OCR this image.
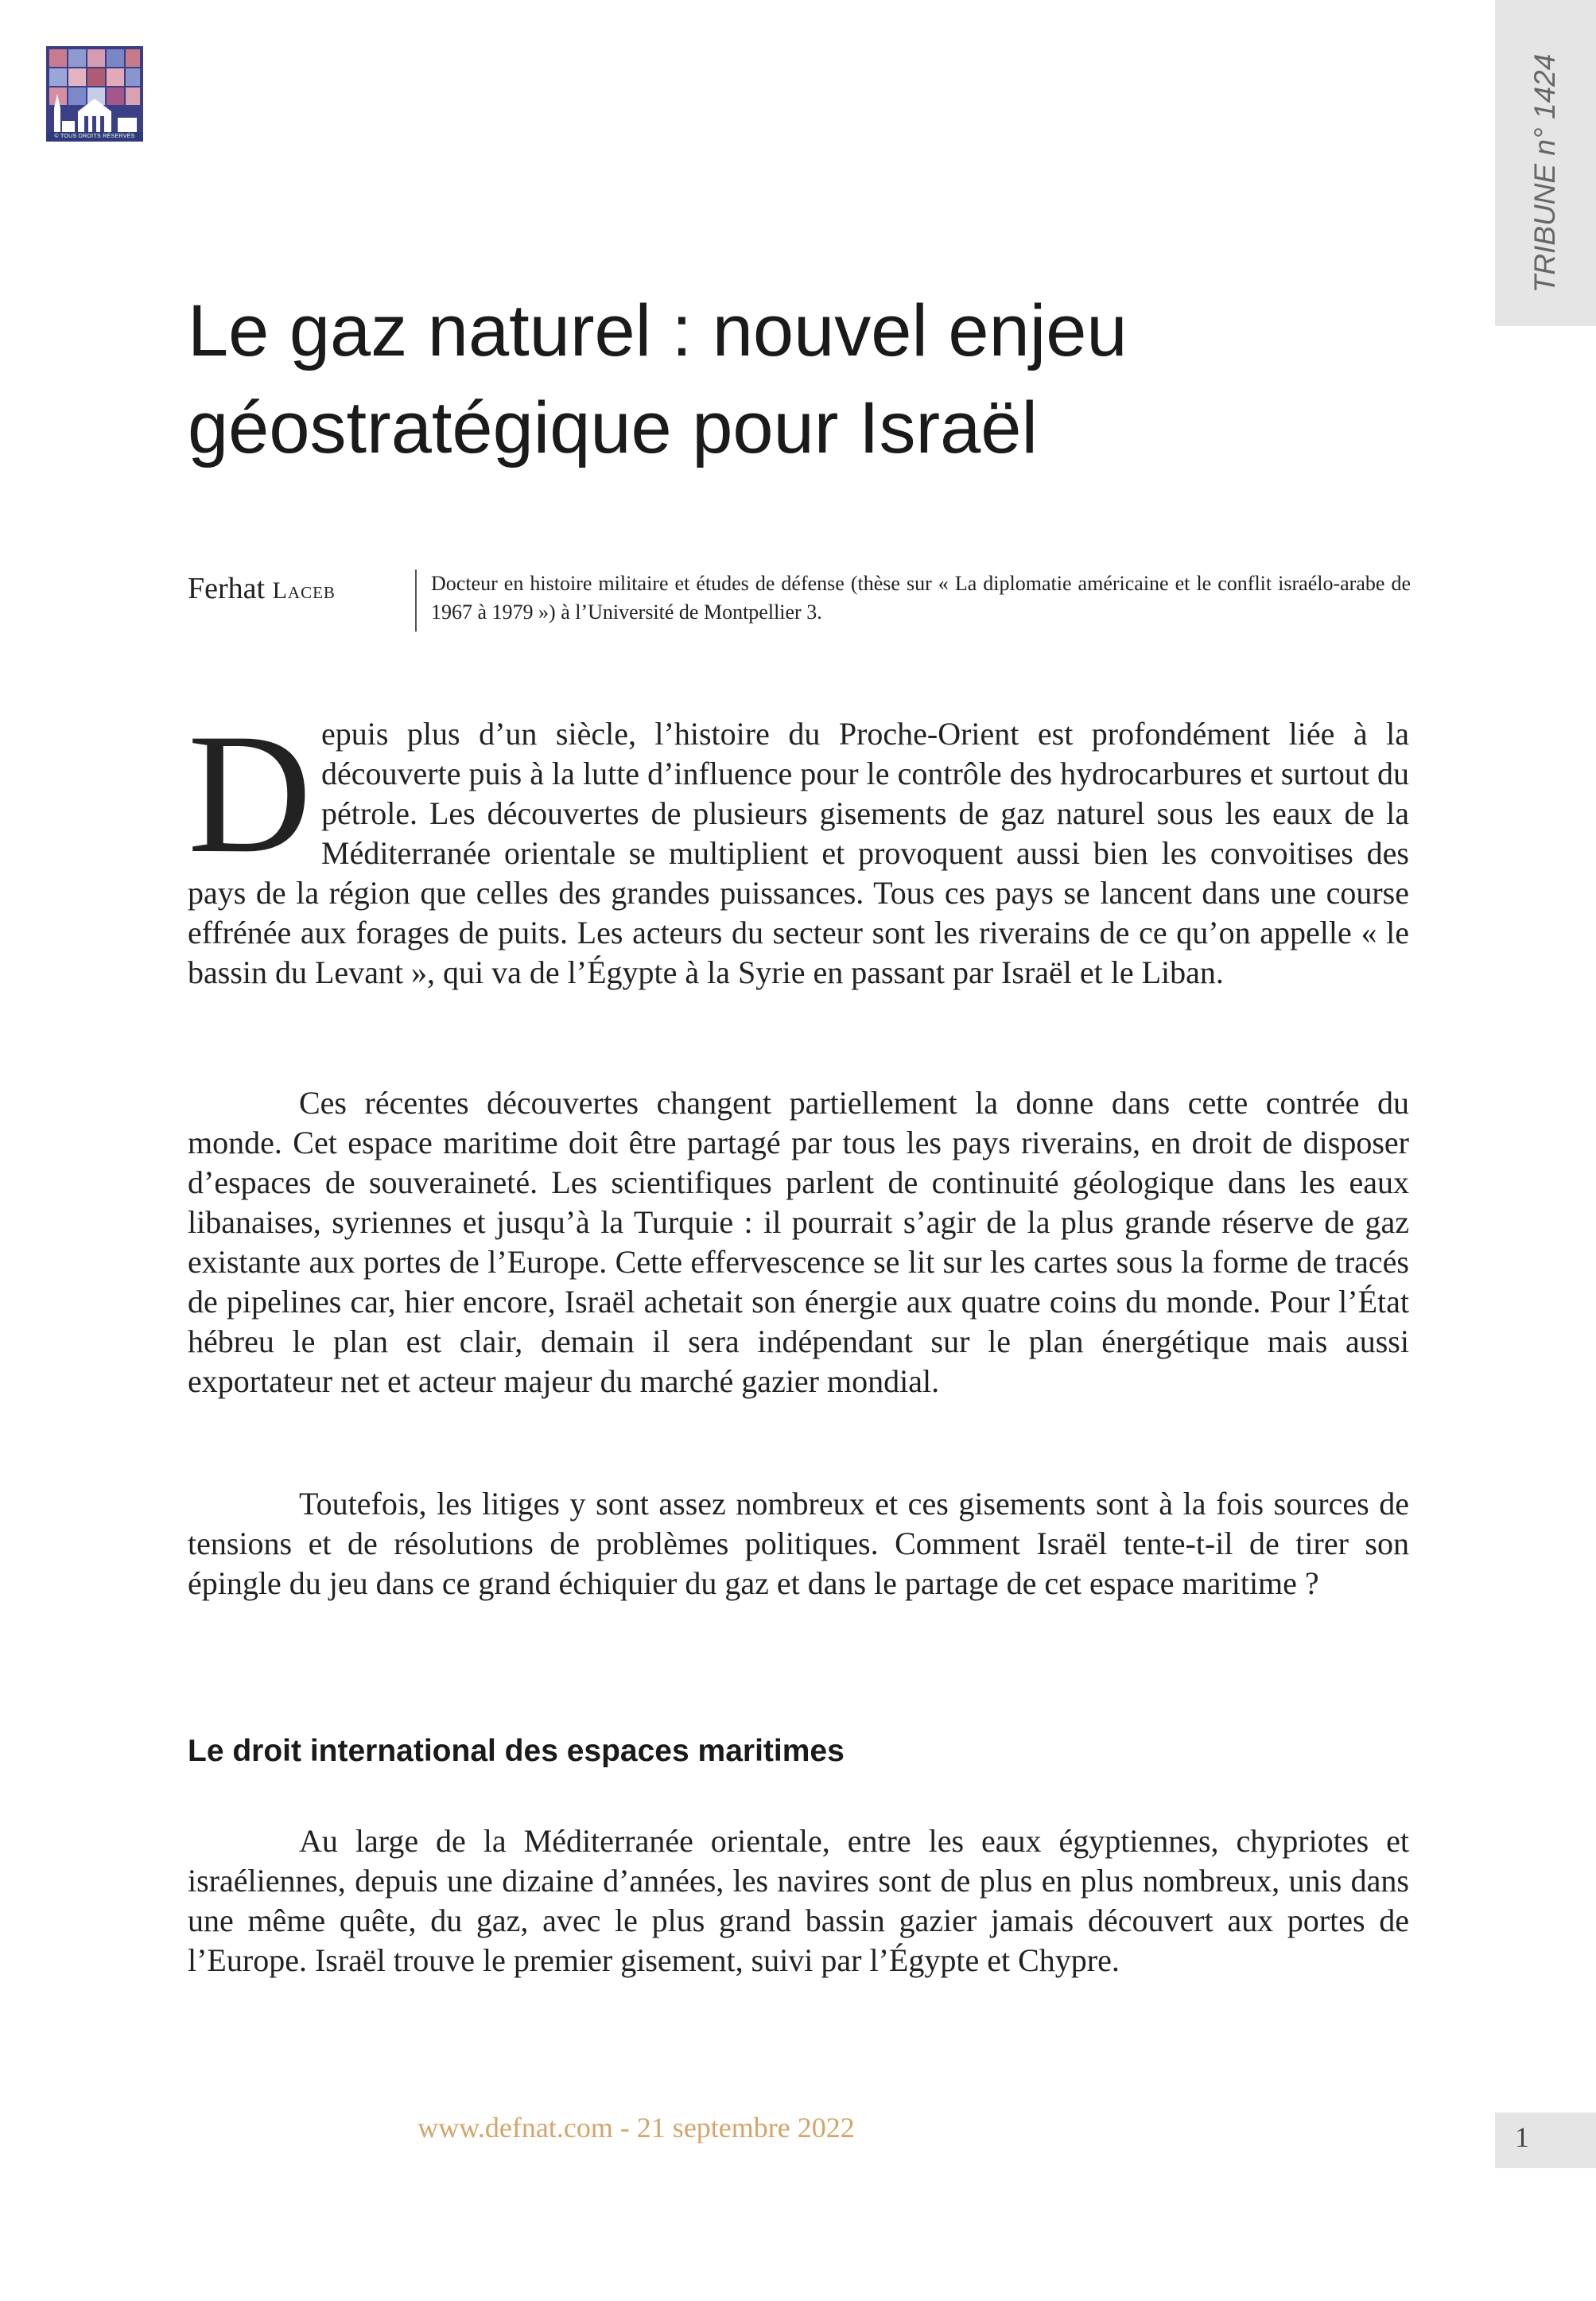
© TOUS DROITS RÉSERVÉS	TRIBUNE n° 1424
Le gaz naturel : nouvel enjeu géostratégique pour Israël
Ferhat Laceb	Docteur en histoire militaire et études de défense (thèse sur « La diplomatie américaine et le conflit israélo-arabe de 1967 à 1979 ») à l’Université de Montpellier 3.

Depuis plus d’un siècle, l’histoire du Proche-Orient est profondément liée à la découverte puis à la lutte d’influence pour le contrôle des hydrocarbures et surtout du pétrole. Les découvertes de plusieurs gisements de gaz naturel sous les eaux de la Méditerranée orientale se multiplient et provoquent aussi bien les convoitises des pays de la région que celles des grandes puissances. Tous ces pays se lancent dans une course effrénée aux forages de puits. Les acteurs du secteur sont les riverains de ce qu’on appelle « le bassin du Levant », qui va de l’Égypte à la Syrie en passant par Israël et le Liban.

Ces récentes découvertes changent partiellement la donne dans cette contrée du monde. Cet espace maritime doit être partagé par tous les pays riverains, en droit de disposer d’espaces de souveraineté. Les scientifiques parlent de continuité géologique dans les eaux libanaises, syriennes et jusqu’à la Turquie : il pourrait s’agir de la plus grande réserve de gaz existante aux portes de l’Europe. Cette effervescence se lit sur les cartes sous la forme de tracés de pipelines car, hier encore, Israël achetait son énergie aux quatre coins du monde. Pour l’État hébreu le plan est clair, demain il sera indépendant sur le plan énergétique mais aussi exportateur net et acteur majeur du marché gazier mondial.

Toutefois, les litiges y sont assez nombreux et ces gisements sont à la fois sources de tensions et de résolutions de problèmes politiques. Comment Israël tente-t-il de tirer son épingle du jeu dans ce grand échiquier du gaz et dans le partage de cet espace maritime ?

Le droit international des espaces maritimes

Au large de la Méditerranée orientale, entre les eaux égyptiennes, chypriotes et israéliennes, depuis une dizaine d’années, les navires sont de plus en plus nombreux, unis dans une même quête, du gaz, avec le plus grand bassin gazier jamais découvert aux portes de l’Europe. Israël trouve le premier gisement, suivi par l’Égypte et Chypre.

www.defnat.com - 21 septembre 2022	1
